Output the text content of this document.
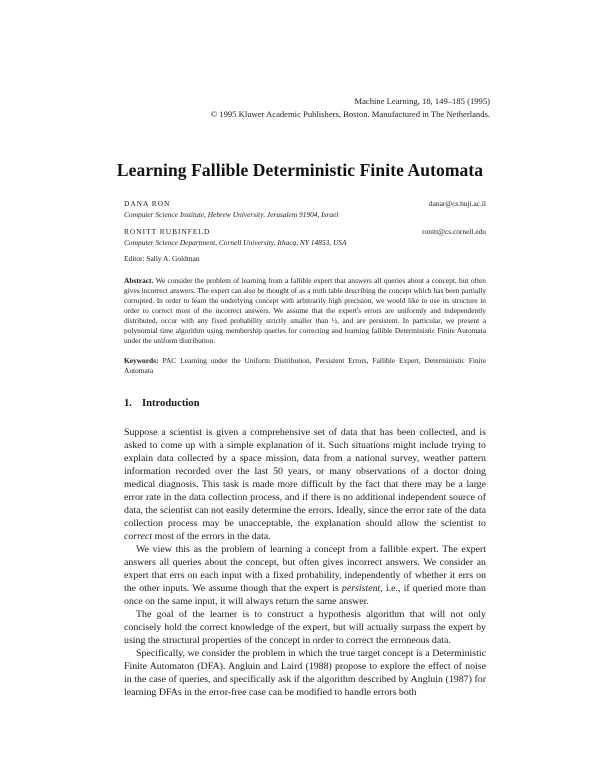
Machine Learning, 18, 149–185 (1995)
© 1995 Kluwer Academic Publishers, Boston. Manufactured in The Netherlands.
Learning Fallible Deterministic Finite Automata
DANA RON	danar@cs.huji.ac.il
Computer Science Institute, Hebrew University, Jerusalem 91904, Israel
RONITT RUBINFELD	ronitt@cs.cornell.edu
Computer Science Department, Cornell University, Ithaca, NY 14853, USA
Editor: Sally A. Goldman
Abstract. We consider the problem of learning from a fallible expert that answers all queries about a concept, but often gives incorrect answers. The expert can also be thought of as a truth table describing the concept which has been partially corrupted. In order to learn the underlying concept with arbitrarily high precision, we would like to use its structure in order to correct most of the incorrect answers. We assume that the expert's errors are uniformly and independently distributed, occur with any fixed probability strictly smaller than ½, and are persistent. In particular, we present a polynomial time algorithm using membership queries for correcting and learning fallible Deterministic Finite Automata under the uniform distribution.
Keywords: PAC Learning under the Uniform Distribution, Persistent Errors, Fallible Expert, Deterministic Finite Automata
1. Introduction

Suppose a scientist is given a comprehensive set of data that has been collected, and is asked to come up with a simple explanation of it. Such situations might include trying to explain data collected by a space mission, data from a national survey, weather pattern information recorded over the last 50 years, or many observations of a doctor doing medical diagnosis. This task is made more difficult by the fact that there may be a large error rate in the data collection process, and if there is no additional independent source of data, the scientist can not easily determine the errors. Ideally, since the error rate of the data collection process may be unacceptable, the explanation should allow the scientist to correct most of the errors in the data.

We view this as the problem of learning a concept from a fallible expert. The expert answers all queries about the concept, but often gives incorrect answers. We consider an expert that errs on each input with a fixed probability, independently of whether it errs on the other inputs. We assume though that the expert is persistent, i.e., if queried more than once on the same input, it will always return the same answer.

The goal of the learner is to construct a hypothesis algorithm that will not only concisely hold the correct knowledge of the expert, but will actually surpass the expert by using the structural properties of the concept in order to correct the erroneous data.

Specifically, we consider the problem in which the true target concept is a Deterministic Finite Automaton (DFA). Angluin and Laird (1988) propose to explore the effect of noise in the case of queries, and specifically ask if the algorithm described by Angluin (1987) for learning DFAs in the error-free case can be modified to handle errors both
